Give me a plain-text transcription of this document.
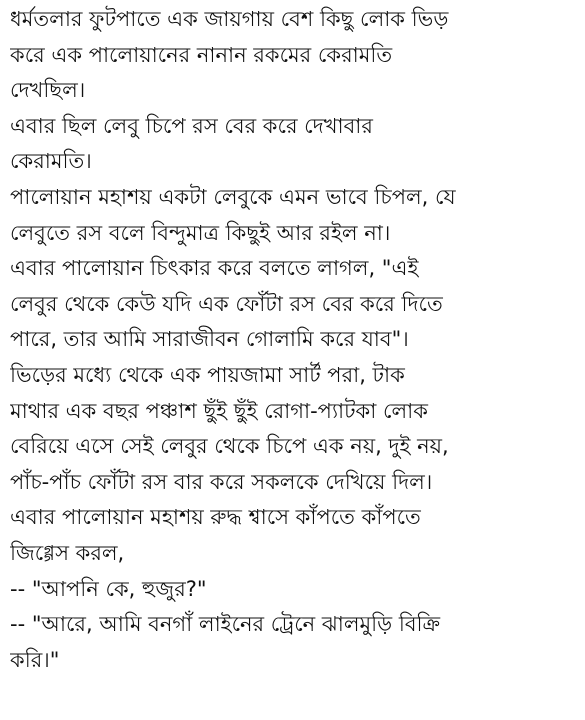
ধর্মতলার ফুটপাতে এক জায়গায় বেশ কিছু লোক ভিড়
করে এক পালোয়ানের নানান রকমের কেরামতি
দেখছিল।
এবার ছিল লেবু চিপে রস বের করে দেখাবার
কেরামতি।
পালোয়ান মহাশয় একটা লেবুকে এমন ভাবে চিপল, যে
লেবুতে রস বলে বিন্দুমাত্র কিছুই আর রইল না।
এবার পালোয়ান চিৎকার করে বলতে লাগল, "এই
লেবুর থেকে কেউ যদি এক ফোঁটা রস বের করে দিতে
পারে, তার আমি সারাজীবন গোলামি করে যাব"।
ভিড়ের মধ্যে থেকে এক পায়জামা সার্ট পরা, টাক
মাথার এক বছর পঞ্চাশ ছুঁই ছুঁই রোগা-প্যাটকা লোক
বেরিয়ে এসে সেই লেবুর থেকে চিপে এক নয়, দুই নয়,
পাঁচ-পাঁচ ফোঁটা রস বার করে সকলকে দেখিয়ে দিল।
এবার পালোয়ান মহাশয় রুদ্ধ শ্বাসে কাঁপতে কাঁপতে
জিগ্গেস করল,
-- "আপনি কে, হুজুর?"
-- "আরে, আমি বনগাঁ লাইনের ট্রেনে ঝালমুড়ি বিক্রি
করি।"
